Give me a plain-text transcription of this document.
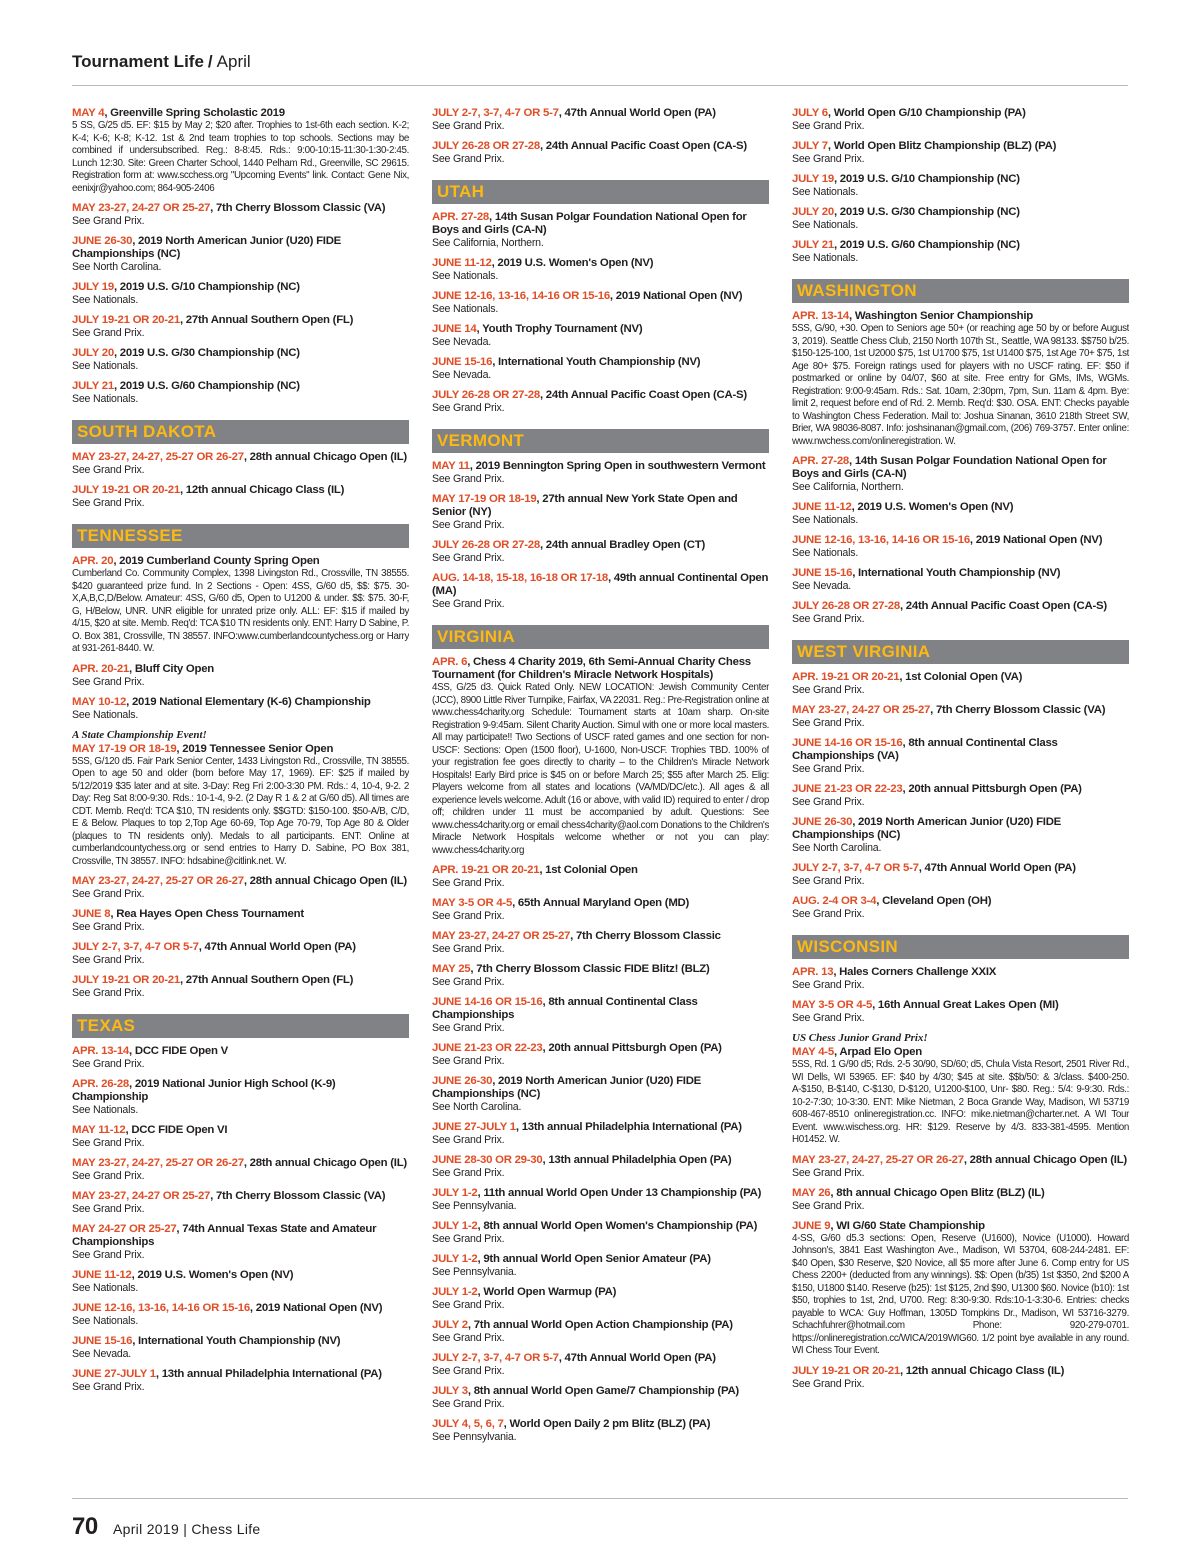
Tournament Life / April
MAY 4, Greenville Spring Scholastic 2019
5 SS, G/25 d5. EF: $15 by May 2; $20 after. Trophies to 1st-6th each section. K-2; K-4; K-6; K-8; K-12. 1st & 2nd team trophies to top schools. Sections may be combined if undersubscribed. Reg.: 8-8:45. Rds.: 9:00-10:15-11:30-1:30-2:45. Lunch 12:30. Site: Green Charter School, 1440 Pelham Rd., Greenville, SC 29615. Registration form at: www.scchess.org "Upcoming Events" link. Contact: Gene Nix, eenixjr@yahoo.com; 864-905-2406
MAY 23-27, 24-27 OR 25-27, 7th Cherry Blossom Classic (VA)
See Grand Prix.
JUNE 26-30, 2019 North American Junior (U20) FIDE Championships (NC)
See North Carolina.
JULY 19, 2019 U.S. G/10 Championship (NC)
See Nationals.
JULY 19-21 OR 20-21, 27th Annual Southern Open (FL)
See Grand Prix.
JULY 20, 2019 U.S. G/30 Championship (NC)
See Nationals.
JULY 21, 2019 U.S. G/60 Championship (NC)
See Nationals.
SOUTH DAKOTA
MAY 23-27, 24-27, 25-27 OR 26-27, 28th annual Chicago Open (IL)
See Grand Prix.
JULY 19-21 OR 20-21, 12th annual Chicago Class (IL)
See Grand Prix.
TENNESSEE
APR. 20, 2019 Cumberland County Spring Open
Cumberland Co. Community Complex, 1398 Livingston Rd., Crossville, TN 38555. $420 guaranteed prize fund. In 2 Sections - Open: 4SS, G/60 d5, $$: $75. 30- X,A,B,C,D/Below. Amateur: 4SS, G/60 d5, Open to U1200 & under. $$: $75. 30-F, G, H/Below, UNR. UNR eligible for unrated prize only. ALL: EF: $15 if mailed by 4/15, $20 at site. Memb. Req'd: TCA $10 TN residents only. ENT: Harry D Sabine, P. O. Box 381, Crossville, TN 38557. INFO:www.cumberlandcountychess.org or Harry at 931-261-8440. W.
APR. 20-21, Bluff City Open
See Grand Prix.
MAY 10-12, 2019 National Elementary (K-6) Championship
See Nationals.
A State Championship Event!
MAY 17-19 OR 18-19, 2019 Tennessee Senior Open
5SS, G/120 d5. Fair Park Senior Center, 1433 Livingston Rd., Crossville, TN 38555. Open to age 50 and older (born before May 17, 1969). EF: $25 if mailed by 5/12/2019 $35 later and at site. 3-Day: Reg Fri 2:00-3:30 PM. Rds.: 4, 10-4, 9-2. 2 Day: Reg Sat 8:00-9:30. Rds.: 10-1-4, 9-2. (2 Day R 1 & 2 at G/60 d5). All times are CDT. Memb. Req'd: TCA $10, TN residents only. $$GTD: $150-100. $50-A/B, C/D, E & Below. Plaques to top 2,Top Age 60-69, Top Age 70-79, Top Age 80 & Older (plaques to TN residents only). Medals to all participants. ENT: Online at cumberlandcountychess.org or send entries to Harry D. Sabine, PO Box 381, Crossville, TN 38557. INFO: hdsabine@citlink.net. W.
MAY 23-27, 24-27, 25-27 OR 26-27, 28th annual Chicago Open (IL)
See Grand Prix.
JUNE 8, Rea Hayes Open Chess Tournament
See Grand Prix.
JULY 2-7, 3-7, 4-7 OR 5-7, 47th Annual World Open (PA)
See Grand Prix.
JULY 19-21 OR 20-21, 27th Annual Southern Open (FL)
See Grand Prix.
TEXAS
APR. 13-14, DCC FIDE Open V
See Grand Prix.
APR. 26-28, 2019 National Junior High School (K-9) Championship
See Nationals.
MAY 11-12, DCC FIDE Open VI
See Grand Prix.
MAY 23-27, 24-27, 25-27 OR 26-27, 28th annual Chicago Open (IL)
See Grand Prix.
MAY 23-27, 24-27 OR 25-27, 7th Cherry Blossom Classic (VA)
See Grand Prix.
MAY 24-27 OR 25-27, 74th Annual Texas State and Amateur Championships
See Grand Prix.
JUNE 11-12, 2019 U.S. Women's Open (NV)
See Nationals.
JUNE 12-16, 13-16, 14-16 OR 15-16, 2019 National Open (NV)
See Nationals.
JUNE 15-16, International Youth Championship (NV)
See Nevada.
JUNE 27-JULY 1, 13th annual Philadelphia International (PA)
See Grand Prix.
JULY 2-7, 3-7, 4-7 OR 5-7, 47th Annual World Open (PA)
See Grand Prix.
JULY 26-28 OR 27-28, 24th Annual Pacific Coast Open (CA-S)
See Grand Prix.
UTAH
APR. 27-28, 14th Susan Polgar Foundation National Open for Boys and Girls (CA-N)
See California, Northern.
JUNE 11-12, 2019 U.S. Women's Open (NV)
See Nationals.
JUNE 12-16, 13-16, 14-16 OR 15-16, 2019 National Open (NV)
See Nationals.
JUNE 14, Youth Trophy Tournament (NV)
See Nevada.
JUNE 15-16, International Youth Championship (NV)
See Nevada.
JULY 26-28 OR 27-28, 24th Annual Pacific Coast Open (CA-S)
See Grand Prix.
VERMONT
MAY 11, 2019 Bennington Spring Open in southwestern Vermont
See Grand Prix.
MAY 17-19 OR 18-19, 27th annual New York State Open and Senior (NY)
See Grand Prix.
JULY 26-28 OR 27-28, 24th annual Bradley Open (CT)
See Grand Prix.
AUG. 14-18, 15-18, 16-18 OR 17-18, 49th annual Continental Open (MA)
See Grand Prix.
VIRGINIA
APR. 6, Chess 4 Charity 2019, 6th Semi-Annual Charity Chess Tournament (for Children's Miracle Network Hospitals)
4SS, G/25 d3. Quick Rated Only. NEW LOCATION: Jewish Community Center (JCC), 8900 Little River Turnpike, Fairfax, VA 22031. Reg.: Pre-Registration online at www.chess4charity.org Schedule: Tournament starts at 10am sharp. On-site Registration 9-9:45am. Silent Charity Auction. Simul with one or more local masters. All may participate!! Two Sections of USCF rated games and one section for non-USCF: Sections: Open (1500 floor), U-1600, Non-USCF. Trophies TBD. 100% of your registration fee goes directly to charity – to the Children's Miracle Network Hospitals! Early Bird price is $45 on or before March 25; $55 after March 25. Elig: Players welcome from all states and locations (VA/MD/DC/etc.). All ages & all experience levels welcome. Adult (16 or above, with valid ID) required to enter / drop off; children under 11 must be accompanied by adult. Questions: See www.chess4charity.org or email chess4charity@aol.com Donations to the Children's Miracle Network Hospitals welcome whether or not you can play: www.chess4charity.org
APR. 19-21 OR 20-21, 1st Colonial Open
See Grand Prix.
MAY 3-5 OR 4-5, 65th Annual Maryland Open (MD)
See Grand Prix.
MAY 23-27, 24-27 OR 25-27, 7th Cherry Blossom Classic
See Grand Prix.
MAY 25, 7th Cherry Blossom Classic FIDE Blitz! (BLZ)
See Grand Prix.
JUNE 14-16 OR 15-16, 8th annual Continental Class Championships
See Grand Prix.
JUNE 21-23 OR 22-23, 20th annual Pittsburgh Open (PA)
See Grand Prix.
JUNE 26-30, 2019 North American Junior (U20) FIDE Championships (NC)
See North Carolina.
JUNE 27-JULY 1, 13th annual Philadelphia International (PA)
See Grand Prix.
JUNE 28-30 OR 29-30, 13th annual Philadelphia Open (PA)
See Grand Prix.
JULY 1-2, 11th annual World Open Under 13 Championship (PA)
See Pennsylvania.
JULY 1-2, 8th annual World Open Women's Championship (PA)
See Grand Prix.
JULY 1-2, 9th annual World Open Senior Amateur (PA)
See Pennsylvania.
JULY 1-2, World Open Warmup (PA)
See Grand Prix.
JULY 2, 7th annual World Open Action Championship (PA)
See Grand Prix.
JULY 2-7, 3-7, 4-7 OR 5-7, 47th Annual World Open (PA)
See Grand Prix.
JULY 3, 8th annual World Open Game/7 Championship (PA)
See Grand Prix.
JULY 4, 5, 6, 7, World Open Daily 2 pm Blitz (BLZ) (PA)
See Pennsylvania.
JULY 6, World Open G/10 Championship (PA)
See Grand Prix.
JULY 7, World Open Blitz Championship (BLZ) (PA)
See Grand Prix.
JULY 19, 2019 U.S. G/10 Championship (NC)
See Nationals.
JULY 20, 2019 U.S. G/30 Championship (NC)
See Nationals.
JULY 21, 2019 U.S. G/60 Championship (NC)
See Nationals.
WASHINGTON
APR. 13-14, Washington Senior Championship
5SS, G/90, +30. Open to Seniors age 50+ (or reaching age 50 by or before August 3, 2019). Seattle Chess Club, 2150 North 107th St., Seattle, WA 98133. $$750 b/25. $150-125-100, 1st U2000 $75, 1st U1700 $75, 1st U1400 $75, 1st Age 70+ $75, 1st Age 80+ $75. Foreign ratings used for players with no USCF rating. EF: $50 if postmarked or online by 04/07, $60 at site. Free entry for GMs, IMs, WGMs. Registration: 9:00-9:45am. Rds.: Sat. 10am, 2:30pm, 7pm, Sun. 11am & 4pm. Bye: limit 2, request before end of Rd. 2. Memb. Req'd: $30. OSA. ENT: Checks payable to Washington Chess Federation. Mail to: Joshua Sinanan, 3610 218th Street SW, Brier, WA 98036-8087. Info: joshsinanan@gmail.com, (206) 769-3757. Enter online: www.nwchess.com/onlineregistration. W.
APR. 27-28, 14th Susan Polgar Foundation National Open for Boys and Girls (CA-N)
See California, Northern.
JUNE 11-12, 2019 U.S. Women's Open (NV)
See Nationals.
JUNE 12-16, 13-16, 14-16 OR 15-16, 2019 National Open (NV)
See Nationals.
JUNE 15-16, International Youth Championship (NV)
See Nevada.
JULY 26-28 OR 27-28, 24th Annual Pacific Coast Open (CA-S)
See Grand Prix.
WEST VIRGINIA
APR. 19-21 OR 20-21, 1st Colonial Open (VA)
See Grand Prix.
MAY 23-27, 24-27 OR 25-27, 7th Cherry Blossom Classic (VA)
See Grand Prix.
JUNE 14-16 OR 15-16, 8th annual Continental Class Championships (VA)
See Grand Prix.
JUNE 21-23 OR 22-23, 20th annual Pittsburgh Open (PA)
See Grand Prix.
JUNE 26-30, 2019 North American Junior (U20) FIDE Championships (NC)
See North Carolina.
JULY 2-7, 3-7, 4-7 OR 5-7, 47th Annual World Open (PA)
See Grand Prix.
AUG. 2-4 OR 3-4, Cleveland Open (OH)
See Grand Prix.
WISCONSIN
APR. 13, Hales Corners Challenge XXIX
See Grand Prix.
MAY 3-5 OR 4-5, 16th Annual Great Lakes Open (MI)
See Grand Prix.
US Chess Junior Grand Prix!
MAY 4-5, Arpad Elo Open
5SS, Rd. 1 G/90 d5; Rds. 2-5 30/90, SD/60; d5, Chula Vista Resort, 2501 River Rd., WI Dells, WI 53965. EF: $40 by 4/30; $45 at site. $$b/50: & 3/class. $400-250. A-$150, B-$140, C-$130, D-$120, U1200-$100, Unr- $80. Reg.: 5/4: 9-9:30. Rds.: 10-2-7:30; 10-3:30. ENT: Mike Nietman, 2 Boca Grande Way, Madison, WI 53719 608-467-8510 onlineregistration.cc. INFO: mike.nietman@charter.net. A WI Tour Event. www.wischess.org. HR: $129. Reserve by 4/3. 833-381-4595. Mention H01452. W.
MAY 23-27, 24-27, 25-27 OR 26-27, 28th annual Chicago Open (IL)
See Grand Prix.
MAY 26, 8th annual Chicago Open Blitz (BLZ) (IL)
See Grand Prix.
JUNE 9, WI G/60 State Championship
4-SS, G/60 d5.3 sections: Open, Reserve (U1600), Novice (U1000). Howard Johnson's, 3841 East Washington Ave., Madison, WI 53704, 608-244-2481. EF: $40 Open, $30 Reserve, $20 Novice, all $5 more after June 6. Comp entry for US Chess 2200+ (deducted from any winnings). $$: Open (b/35) 1st $350, 2nd $200 A $150, U1800 $140. Reserve (b25): 1st $125, 2nd $90, U1300 $60. Novice (b10): 1st $50, trophies to 1st, 2nd, U700. Reg: 8:30-9:30. Rds:10-1-3:30-6. Entries: checks payable to WCA: Guy Hoffman, 1305D Tompkins Dr., Madison, WI 53716-3279. Schachfuhrer@hotmail.com Phone: 920-279-0701. https://onlineregistration.cc/WICA/2019WIG60. 1/2 point bye available in any round. WI Chess Tour Event.
JULY 19-21 OR 20-21, 12th annual Chicago Class (IL)
See Grand Prix.
70 April 2019 | Chess Life
